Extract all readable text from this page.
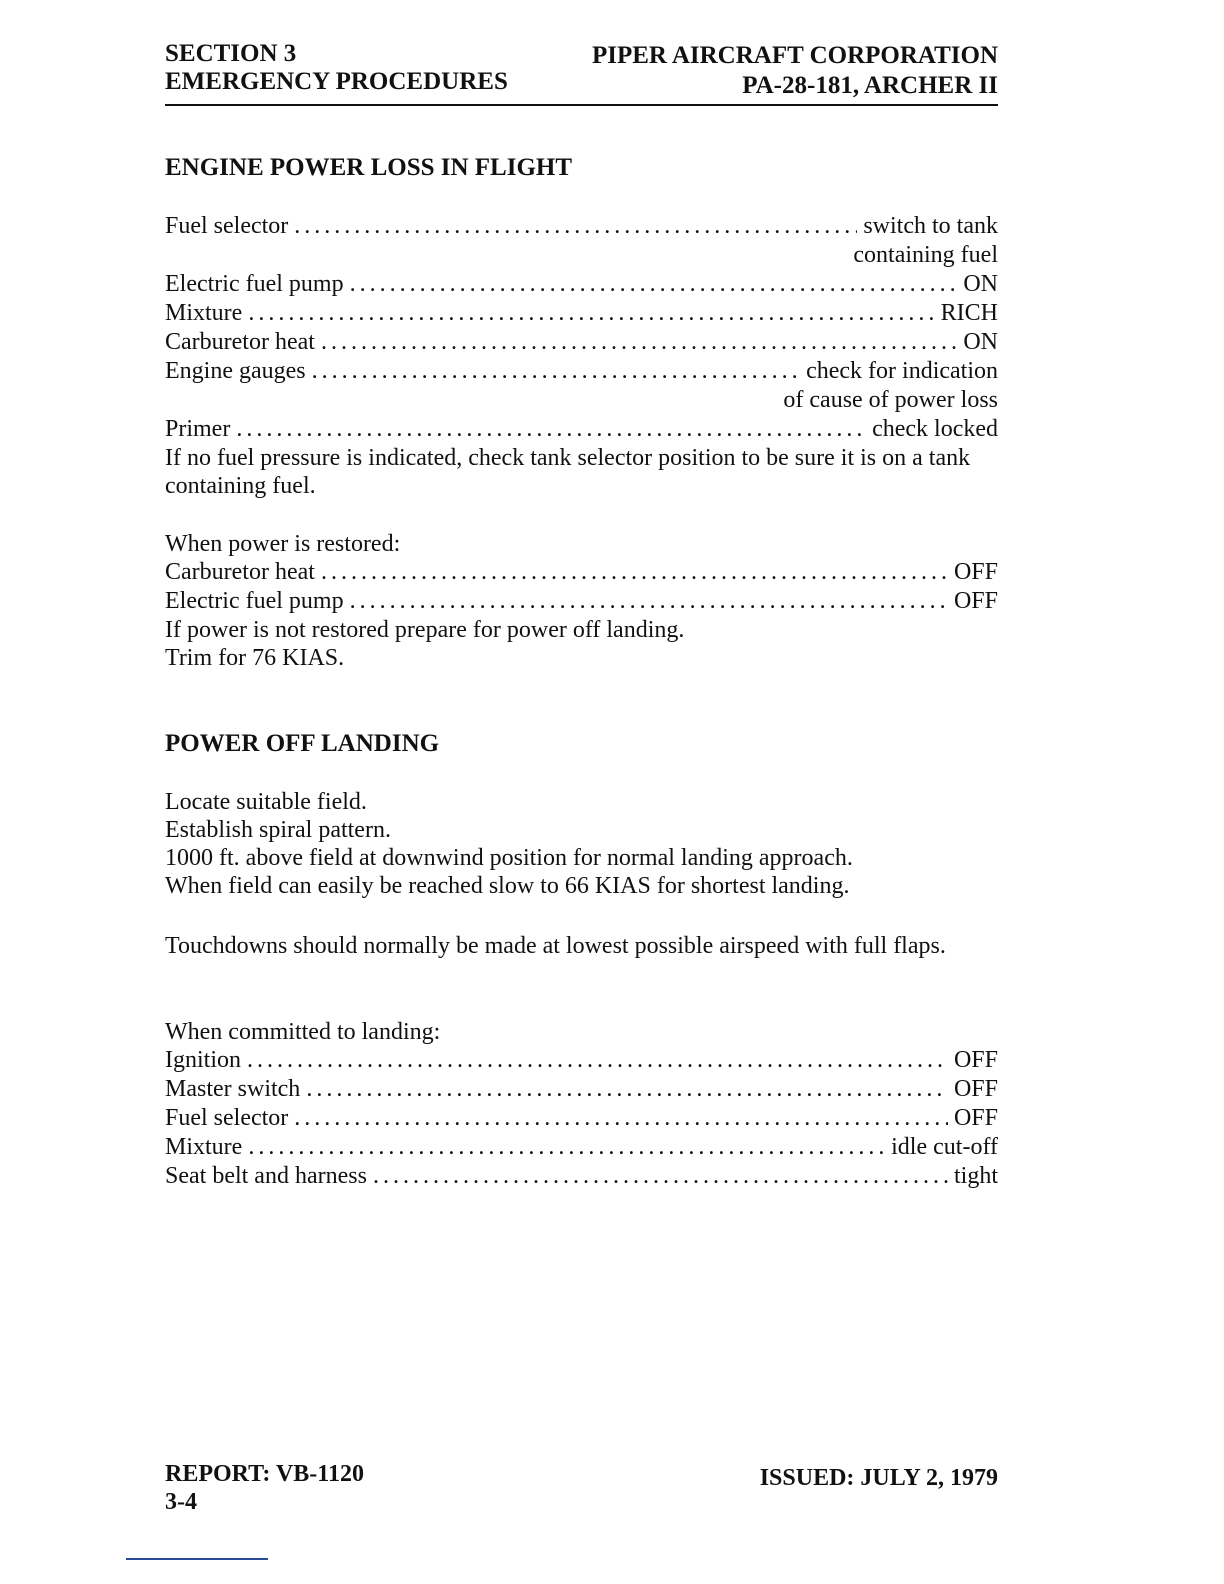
SECTION 3
EMERGENCY PROCEDURES
PIPER AIRCRAFT CORPORATION
PA-28-181, ARCHER II
ENGINE POWER LOSS IN FLIGHT
Fuel selector .....	switch to tank
containing fuel
Electric fuel pump .....	ON
Mixture .....	RICH
Carburetor heat .....	ON
Engine gauges .....	check for indication
of cause of power loss
Primer .....	check locked

If no fuel pressure is indicated, check tank selector position to be sure it is on a tank containing fuel.

When power is restored:

Carburetor heat .....	OFF
Electric fuel pump .....	OFF

If power is not restored prepare for power off landing.

Trim for 76 KIAS.

POWER OFF LANDING

Locate suitable field.

Establish spiral pattern.

1000 ft. above field at downwind position for normal landing approach.

When field can easily be reached slow to 66 KIAS for shortest landing.

Touchdowns should normally be made at lowest possible airspeed with full flaps.

When committed to landing:

Ignition .....	OFF
Master switch .....	OFF
Fuel selector .....	OFF
Mixture .....	idle cut-off
Seat belt and harness .....	tight
REPORT: VB-1120
3-4
ISSUED: JULY 2, 1979
